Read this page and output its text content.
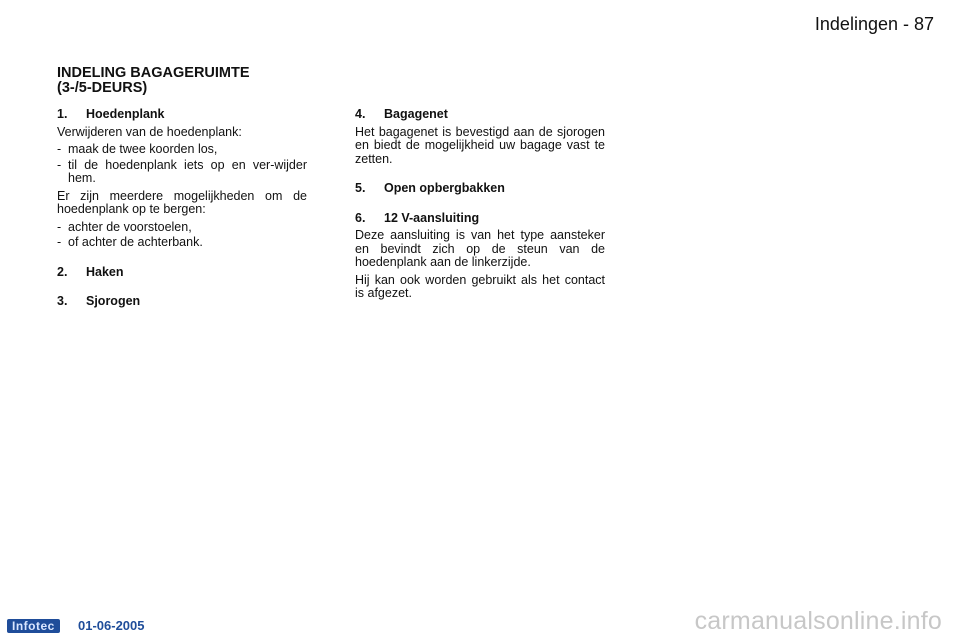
Indelingen - 87
INDELING BAGAGERUIMTE
(3-/5-DEURS)
1. Hoedenplank

Verwijderen van de hoedenplank:

- maak de twee koorden los,
- til de hoedenplank iets op en ver-wijder hem.

Er zijn meerdere mogelijkheden om de hoedenplank op te bergen:

- achter de voorstoelen,
- of achter de achterbank.
2. Haken
3. Sjorogen
4. Bagagenet

Het bagagenet is bevestigd aan de sjorogen en biedt de mogelijkheid uw bagage vast te zetten.

5. Open opbergbakken
6. 12 V-aansluiting

Deze aansluiting is van het type aansteker en bevindt zich op de steun van de hoedenplank aan de linkerzijde.

Hij kan ook worden gebruikt als het contact is afgezet.

Infotec	01-06-2005	carmanualsonline.info
